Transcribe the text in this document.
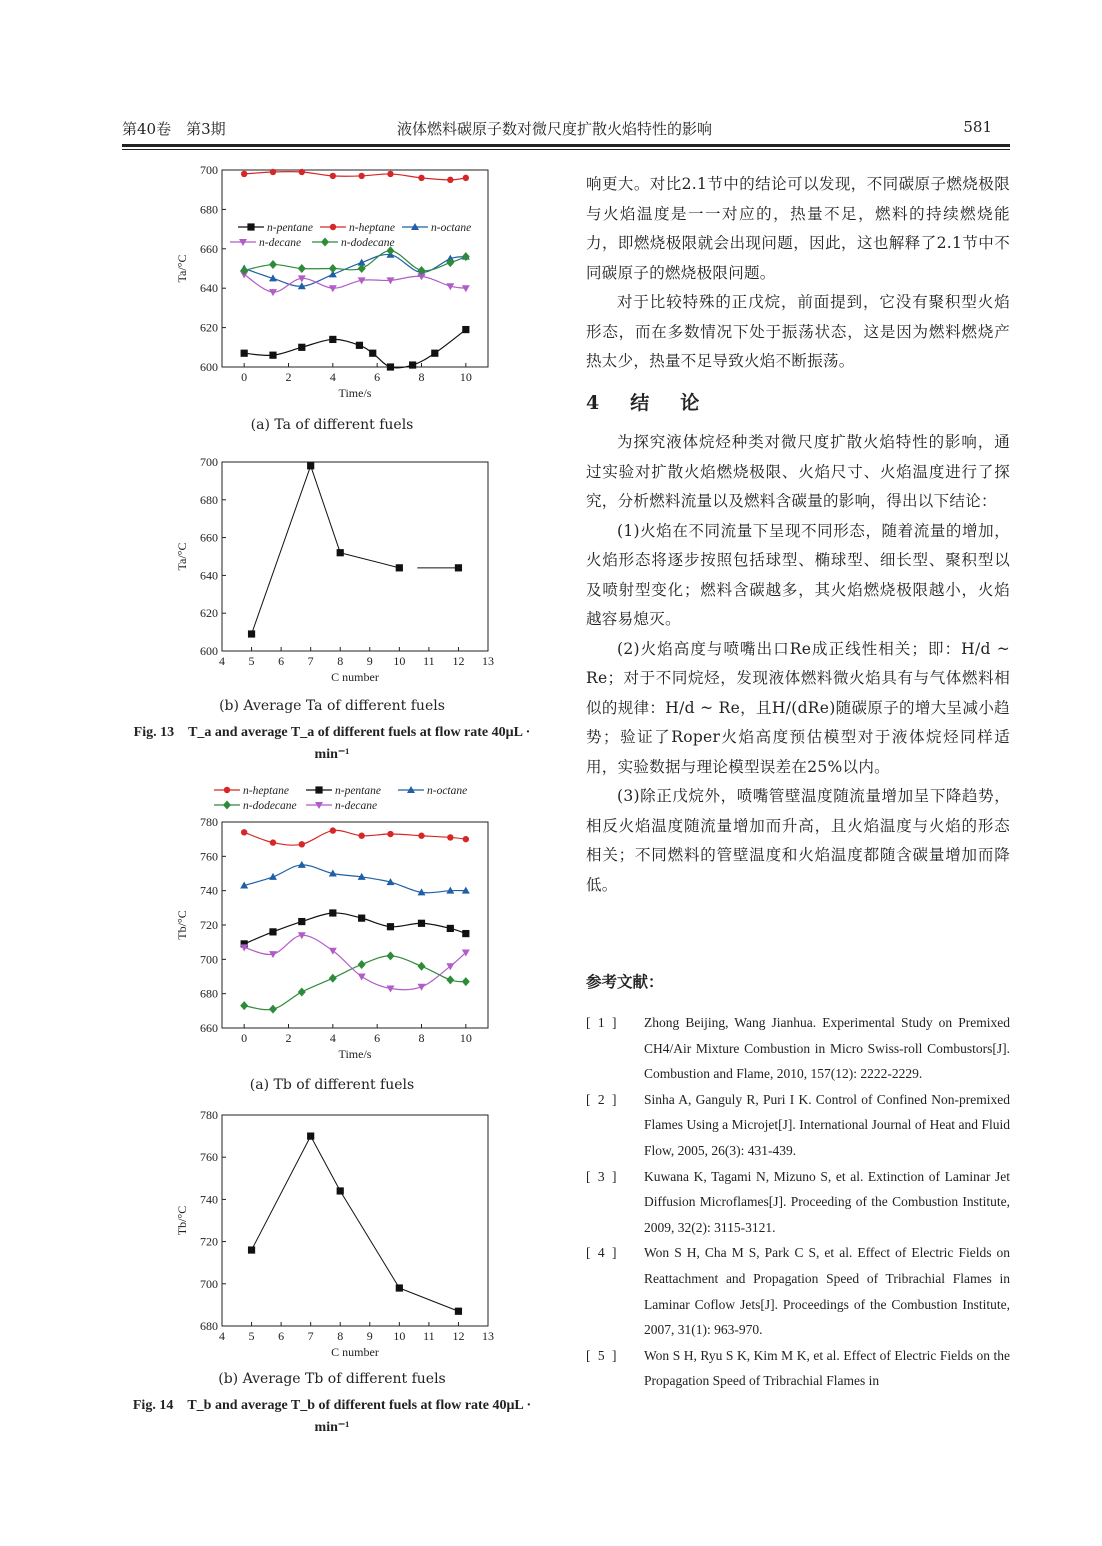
第40卷　第3期	液体燃料碳原子数对微尺度扩散火焰特性的影响	581
0	2	4	6	8	10
600
620
640
660
680
700
Time/s
Ta/°C
n-pentane	n-heptane	n-octane
n-decane	n-dodecane
(a) Ta of different fuels
4 5 6 7 8 9 10 11 12 13
600
620
640
660
680
700
C number
Ta/°C
(b) Average Ta of different fuels
Fig. 13　T_a and average T_a of different fuels at flow rate 40μL · min⁻¹
0	2	4	6	8	10
660
680
700
720
740
760
780
Time/s
Tb/°C
n-heptane	n-pentane	n-octane
n-dodecane	n-decane
(a) Tb of different fuels
4 5 6 7 8 9 10 11 12 13
680
700
720
740
760
780
C number
Tb/°C
(b) Average Tb of different fuels
Fig. 14　T_b and average T_b of different fuels at flow rate 40μL · min⁻¹

响更大。对比2.1节中的结论可以发现，不同碳原子燃烧极限与火焰温度是一一对应的，热量不足，燃料的持续燃烧能力，即燃烧极限就会出现问题，因此，这也解释了2.1节中不同碳原子的燃烧极限问题。

对于比较特殊的正戊烷，前面提到，它没有聚积型火焰形态，而在多数情况下处于振荡状态，这是因为燃料燃烧产热太少，热量不足导致火焰不断振荡。

4　结　论

为探究液体烷烃种类对微尺度扩散火焰特性的影响，通过实验对扩散火焰燃烧极限、火焰尺寸、火焰温度进行了探究，分析燃料流量以及燃料含碳量的影响，得出以下结论：

(1)火焰在不同流量下呈现不同形态，随着流量的增加，火焰形态将逐步按照包括球型、椭球型、细长型、聚积型以及喷射型变化；燃料含碳越多，其火焰燃烧极限越小，火焰越容易熄灭。

(2)火焰高度与喷嘴出口Re成正线性相关；即：H/d ~ Re；对于不同烷烃，发现液体燃料微火焰具有与气体燃料相似的规律：H/d ~ Re，且H/(dRe)随碳原子的增大呈减小趋势；验证了Roper火焰高度预估模型对于液体烷烃同样适用，实验数据与理论模型误差在25%以内。

(3)除正戊烷外，喷嘴管壁温度随流量增加呈下降趋势，相反火焰温度随流量增加而升高，且火焰温度与火焰的形态相关；不同燃料的管壁温度和火焰温度都随含碳量增加而降低。

参考文献：
[ 1 ]	Zhong Beijing, Wang Jianhua. Experimental Study on Premixed CH4/Air Mixture Combustion in Micro Swiss-roll Combustors[J]. Combustion and Flame, 2010, 157(12): 2222-2229.
[ 2 ]	Sinha A, Ganguly R, Puri I K. Control of Confined Non-premixed Flames Using a Microjet[J]. International Journal of Heat and Fluid Flow, 2005, 26(3): 431-439.
[ 3 ]	Kuwana K, Tagami N, Mizuno S, et al. Extinction of Laminar Jet Diffusion Microflames[J]. Proceeding of the Combustion Institute, 2009, 32(2): 3115-3121.
[ 4 ]	Won S H, Cha M S, Park C S, et al. Effect of Electric Fields on Reattachment and Propagation Speed of Tribrachial Flames in Laminar Coflow Jets[J]. Proceedings of the Combustion Institute, 2007, 31(1): 963-970.
[ 5 ]	Won S H, Ryu S K, Kim M K, et al. Effect of Electric Fields on the Propagation Speed of Tribrachial Flames in
